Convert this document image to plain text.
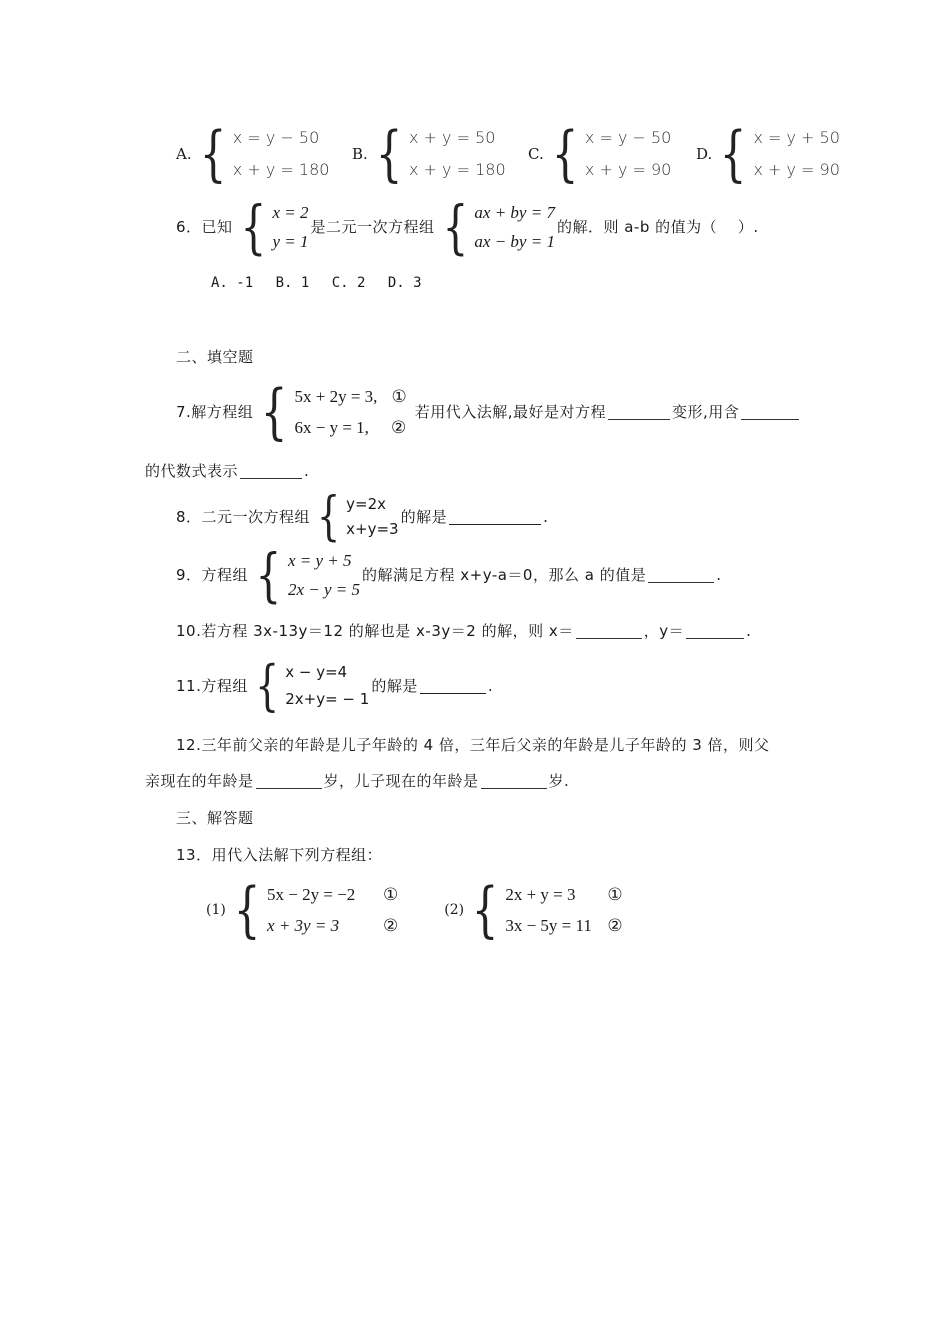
A. { x = y − 50
x + y = 180
B. { x + y = 50
x + y = 180
C. { x = y − 50
x + y = 90
D. { x = y + 50
x + y = 90
6．已知 { x = 2
y = 1
是二元一次方程组 { ax + by = 7
ax − by = 1
的解．则 a-b 的值为（　 ）.
A. -1　 B. 1　 C. 2　 D. 3
二、填空题
7.解方程组 { 5x + 2y = 3, ①
6x − y = 1, ②
若用代入法解,最好是对方程	变形,用含
的代数式表示	.
8．二元一次方程组 { y=2x
x+y=3
的解是	.
9．方程组 { x = y + 5
2x − y = 5
的解满足方程 x+y-a＝0，那么 a 的值是	.
10.若方程 3x-13y＝12 的解也是 x-3y＝2 的解，则 x＝	，y＝	.
11.方程组 { x − y=4
2x+y= − 1
的解是	.
12.三年前父亲的年龄是儿子年龄的 4 倍，三年后父亲的年龄是儿子年龄的 3 倍，则父
亲现在的年龄是	岁，儿子现在的年龄是	岁.
三、解答题
13．用代入法解下列方程组：
(1) { 5x − 2y = −2	①
x + 3y = 3	②
(2) { 2x + y = 3	①
3x − 5y = 11 ②
